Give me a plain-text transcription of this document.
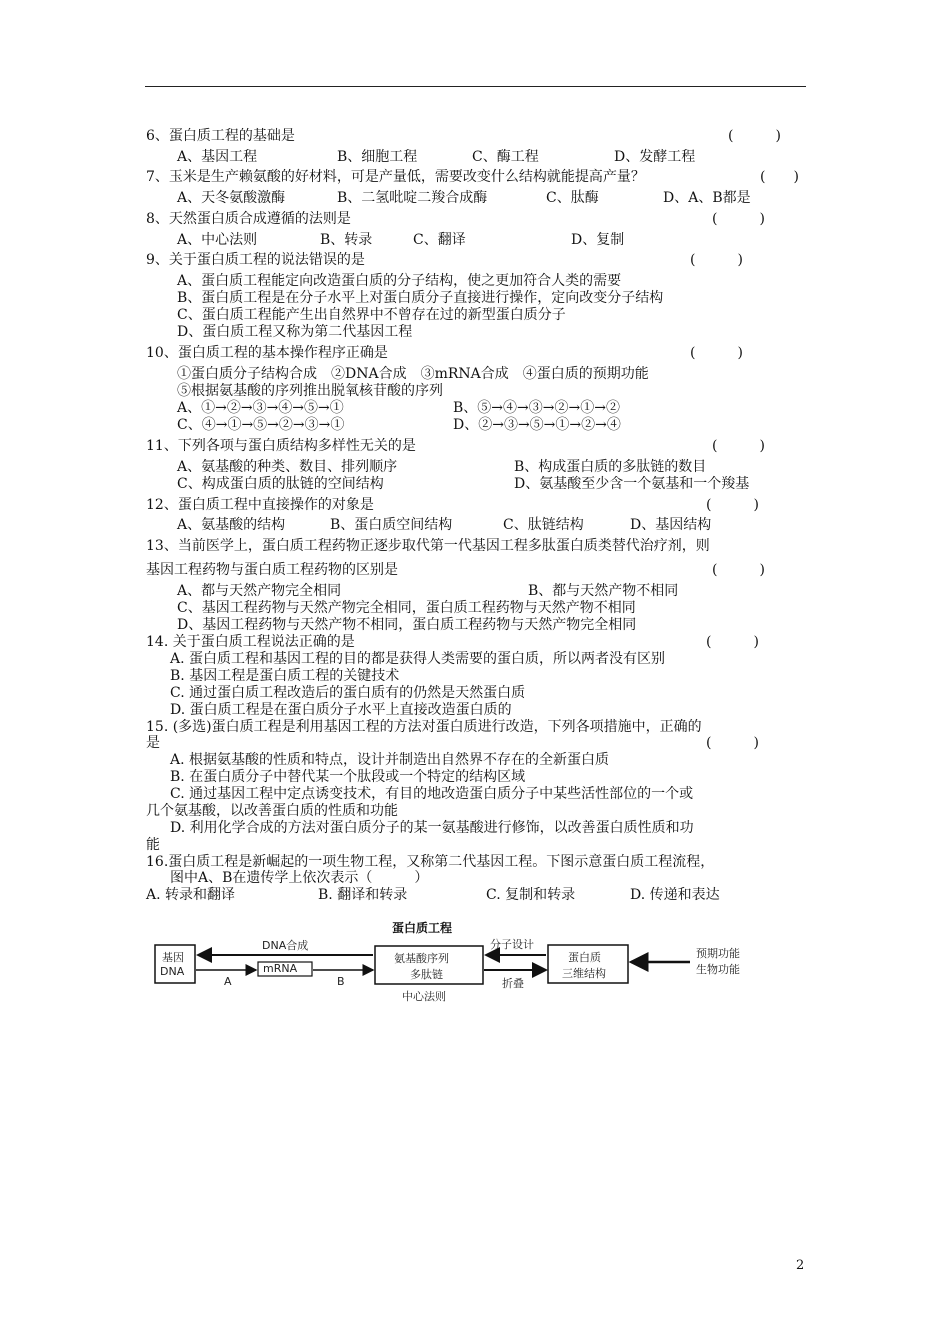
6、蛋白质工程的基础是	(　　　)
A、基因工程	B、细胞工程	C、酶工程	D、发酵工程
7、玉米是生产赖氨酸的好材料，可是产量低，需要改变什么结构就能提高产量？	(　　)
A、天冬氨酸激酶	B、二氢吡啶二羧合成酶	C、肽酶	D、A、B都是
8、天然蛋白质合成遵循的法则是	(　　　)
A、中心法则	B、转录	C、翻译	D、复制
9、关于蛋白质工程的说法错误的是	(　　　)
A、蛋白质工程能定向改造蛋白质的分子结构，使之更加符合人类的需要
B、蛋白质工程是在分子水平上对蛋白质分子直接进行操作，定向改变分子结构
C、蛋白质工程能产生出自然界中不曾存在过的新型蛋白质分子
D、蛋白质工程又称为第二代基因工程
10、蛋白质工程的基本操作程序正确是	(　　　)
①蛋白质分子结构合成　②DNA合成　③mRNA合成　④蛋白质的预期功能
⑤根据氨基酸的序列推出脱氧核苷酸的序列
A、①→②→③→④→⑤→①	B、⑤→④→③→②→①→②
C、④→①→⑤→②→③→①	D、②→③→⑤→①→②→④
11、下列各项与蛋白质结构多样性无关的是	(　　　)
A、氨基酸的种类、数目、排列顺序	B、构成蛋白质的多肽链的数目
C、构成蛋白质的肽链的空间结构	D、氨基酸至少含一个氨基和一个羧基
12、蛋白质工程中直接操作的对象是	(　　　)
A、氨基酸的结构	B、蛋白质空间结构	C、肽链结构	D、基因结构
13、当前医学上，蛋白质工程药物正逐步取代第一代基因工程多肽蛋白质类替代治疗剂，则
基因工程药物与蛋白质工程药物的区别是	(　　　)
A、都与天然产物完全相同	B、都与天然产物不相同
C、基因工程药物与天然产物完全相同，蛋白质工程药物与天然产物不相同
D、基因工程药物与天然产物不相同，蛋白质工程药物与天然产物完全相同
14. 关于蛋白质工程说法正确的是	(　　　)
A. 蛋白质工程和基因工程的目的都是获得人类需要的蛋白质，所以两者没有区别
B. 基因工程是蛋白质工程的关键技术
C. 通过蛋白质工程改造后的蛋白质有的仍然是天然蛋白质
D. 蛋白质工程是在蛋白质分子水平上直接改造蛋白质的
15. (多选)蛋白质工程是利用基因工程的方法对蛋白质进行改造，下列各项措施中，正确的
是	(　　　)
A. 根据氨基酸的性质和特点，设计并制造出自然界不存在的全新蛋白质
B. 在蛋白质分子中替代某一个肽段或一个特定的结构区域
C. 通过基因工程中定点诱变技术，有目的地改造蛋白质分子中某些活性部位的一个或
几个氨基酸，以改善蛋白质的性质和功能
D. 利用化学合成的方法对蛋白质分子的某一氨基酸进行修饰，以改善蛋白质性质和功
能
16.蛋白质工程是新崛起的一项生物工程，又称第二代基因工程。下图示意蛋白质工程流程，
图中A、B在遗传学上依次表示（　　　）
A. 转录和翻译	B. 翻译和转录	C. 复制和转录	D. 传递和表达
蛋白质工程
基因
DNA	mRNA
氨基酸序列
多肽链
蛋白质
三维结构
DNA合成
A	B
分子设计
折叠
中心法则
预期功能
生物功能
2
